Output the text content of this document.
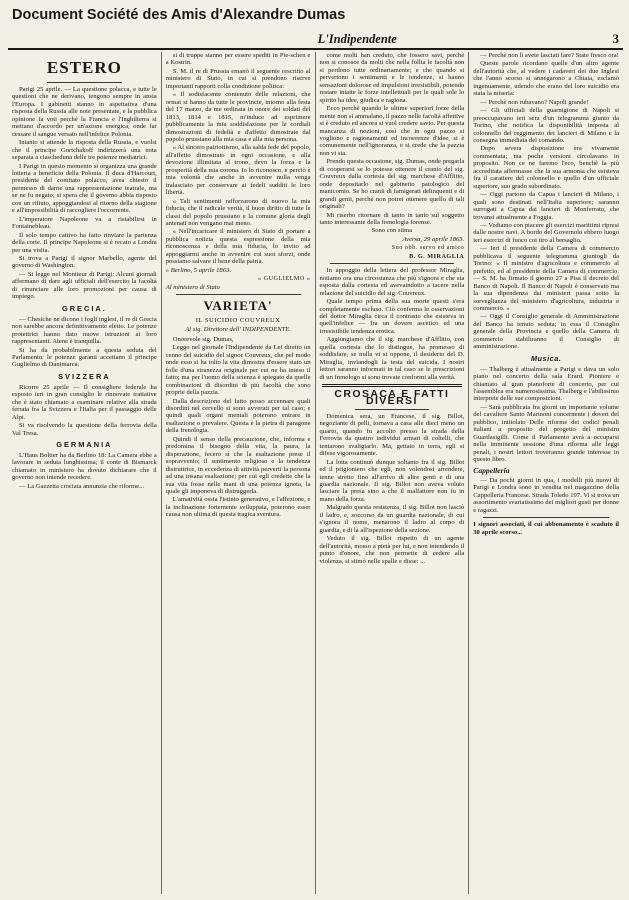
Document Société des Amis d'Alexandre Dumas
L'Indipendente	3
ESTERO

Parigi 25 aprile. — La questione polacca, e tutte le questioni che ne derivano, tengono sempre in ansia l'Europa. I gabinetti stanno in aspettativa d'una risposta della Russia alle note presentate, e la pubblica opinione fa voti perchè la Francia e l'Inghilterra si mettano d'accordo per un'azione energica, onde far cessare il sangue versato nell'infelice Polonia.

Intanto si attende la risposta della Russia, e vuolsi che il principe Gortchakoff indirizzerà una nota separata a ciascheduna delle tre potenze mediatrici.

I Parigi in questo momento si organizza una grande lotteria a beneficio della Polonia. Il duca d'Harcourt, presidente del comitato polacco, avea chiesto il permesso di darne una rappresentazione teatrale, ma se ne fu negato; si spera che il governo abbia risposto con un rifiuto, appoggiandosi al ritorno della stagione e all'impossibilità di raccogliere l'occorrente.

L'imperatore Napoleone va a ristabilirsi in Fontainebleau.

Il solo tempo cattivo ha fatto rinviare la partenza della corte. Il principe Napoleone si è recato a Londra per una visita.

Si trova a Parigi il signor Marbello, agente del governo di Washington.

— Si legge nel Moniteur di Parigi: Alcuni giornali affermano di dare agli ufficiali dell'esercito la facoltà di rinunciare alle loro promozioni per causa di impiego.

GRECIA.

— Chesiche ne dicono i fogli inglesi, il re di Grecia non sarebbe ancora definitivamente eletto. Le potenze protettrici hanno dato nuove istruzioni ai loro rappresentanti. Atene è tranquilla.

Si ha da probabilmente a questa seduta del Parlamento: le potenze garanti accettano il principe Guglielmo di Danimarca.

SVIZZERA

Ricorre 25 aprile — Il consigliere federale ha esposto ieri in gran consiglio le rinnovate trattative che è stato chiamato a esaminare relative alla strada ferrata fra la Svizzera e l'Italia per il passaggio delle Alpi.

Si va risolvendo la questione della ferrovia della Val Tresa.

GERMANIA

L'Haus Boltier ha da Berlino 18: La Camera ebbe a lavorare in seduta lunghissima; il conte di Bismarck chiamato in ministero ha dovuto dichiarare che il governo non intende recedere.

— La Gazzetta crociata annunzia che riforme...

si di truppe stanno per essere spediti in Pie-schen e a Kostrin.

S. M. il re di Prussia emanò il seguente rescritto al ministero di Stato, in cui si prendono riserve importanti rapporti colla condizione politica:

« Il sodisfacente contenuto delle relazioni, che ormai si hanno da tutte le provincie, intorno alla festa del 17 marzo, da me ordinata in onore dei soldati del 1813, 1814 e 1815, m'induce ad esprimere pubblicamente la mia soddisfazione per le cordiali dimostrazioni di fedeltà e d'affetto dimostrate dal popolo prussiano alla mia casa e alla mia persona.

« Al sincero patriottismo, alla salda fede del popolo, all'affetto dimostrato in ogni occasione, e alla devozione illimitata al trono, devo la forza e la prosperità della mia corona. Io lo riconosco, e perciò è mia volontà che anche in avvenire nulla venga tralasciato per conservare ai fedeli sudditi le loro libertà.

« Tali sentimenti rafforzarono di nuovo la mia fiducia, che il radicale verità, il buon diritto di tutte le classi del popolo prussiano e la comune gloria degli antenati non vengano mai meno.

« Nell'incaricare il ministero di Stato di portare a pubblica notizia questa espressione della mia riconoscenza e della mia fiducia, lo invito ad appoggiarmi anche in avvenire coi suoi sforzi, onde possiamo salvare il bene della patria.

« Berlino, 5 aprile 1863.

« GUGLIELMO »

Al ministero di Stato

VARIETA'
IL SUICIDIO COUVREUX
Al sig. Direttore dell' INDIPENDENTE.

Onorevole sig. Dumas,

Leggo nel giornale l'Indipendente da Lei diretto un cenno del suicidio del signor Couvreux, che pel modo onde esso si ha tolto la vita dimostra d'essere stato un folle d'una stranezza originale per cui ne ha inteso il fatto; ma per l'uomo della scienza è spiegato da quelle combinazioni di disordini di più facoltà che sono proprie della pazzia.

Dalla descrizione del fatto posso accennare quali disordini nel cervello si sono avverati per tal caso; e quindi quali organi mentali poterono entrare in esaltazione o prevalere. Questa è la pietra di paragone della frenologia.

Quindi il senso della precauzione, che, informa e predomina il bisogno della vita, la paura, la disperazione, fecero sì che la esaltazione prese il sopravvento; il sentimento religioso e la tendenza distruttrice, in eccedenza di attività perverti la persona ad una insana esaltazione; per cui egli credette che la sua vita fosse nelle mani di una potenza ignota, la quale gli imponeva di distruggerla.

L'amatività ossia l'istinto generativo, e l'affezione, e la inclinazione fortemente sviluppata, poterono esser causa non ultima di questa tragica sventura.

come molti han creduto, che fossero savi, perchè non si conosce da molti che nella follia le facoltà non si perdono tutte ordinariamente; e che quando si pervertono i sentimenti e le tendenze, si hanno sensazioni dolorose ed impulsioni irresistibili, potendo restare intatte le forze intellettuali per le quali sole lo spirito ha idee, giudica e ragiona.

Ecco perchè quando le ultime superiori forze della mente non si ammalano, il pazzo nelle facoltà affettive si è creduto ed ancora si vuol credere savio. Per questa mancanza di nozioni, così che in ogni pazzo si vogliono e ragionamenti ed incoerenze d'idee, si è comunemente nell'ignoranza, e si crede che la pazzia non vi sia.

Prendo questa occasione, sig. Dumas, onde pregarla di cooperarsi se lo potesse ottenere il cranio del sig. Couvreux dalla cortesia del sig. marchese d'Afflitto, onde depositarlo nel gabinetto patologico del manicomio. Se ho cranii di famigerati delinquenti e di grandi genii, perchè non potrei ottenere quello di tali originali?

Mi riserbo ritornare di tanto in tanto sul soggetto tanto interessante della frenologia forense.

Sono con stima

Aversa, 29 aprile 1863.

Suo obb. servo ed amico

B. G. MIRAGLIA

In appoggio della lettera del professor Miraglia, notiamo ora una circostanza che più s'ignora e che sta esposta dalla cortesia ed avevaindotto a tacere nella relazione del suicidio del sig. Couvreux.

Quale tempo prima della sua morte questi s'era completamente escluso. Ciò conferma le osservazioni del dottor Miraglia circa il contrasto che esisteva in quell'infelice — fra un dovere ascetico ed una irresistibile tendenza erotica.

Aggiungiamo che il sig. marchese d'Afflitto, con quella cortesia che lo distingue, ha promesso di soddisfare, se nulla vi si oppone, il desiderio del D. Miraglia, inviandogli la testa del suicida. I nostri lettori saranno informati in tal caso se le prescrizioni di un frenologo si sono trovate conformi alla verità.

CROSACA E FATTI DIVERSI

Domenica sera, un Francese, il sig. Billot, negoziante di pelli, tornava a casa alle dieci meno un quarto, quando fu accolto presso la strada della Ferrovia da quattro individui armati di coltelli, che tentarono svaligiarlo. Ma, gettato in terra, egli si difese vigorosamente.

La lotta continuò dunque soltanto fra il sig. Billot ed il prigioniero che egli, non volendosi arrendere, tenne stretto fino all'arrivo di altre genti e di una guardia nazionale. Il sig. Billot non aveva voluto lasciare la presa sino a che il malfattore non fu in mano della forza.

Malgrado questa resistenza, il sig. Billot non lasciò il ladro, e, soccorso da un guardia nazionale, di cui s'ignora il nome, menarono il ladro al corpo di guardia, e di là all'ispezione della sezione.

Veduto il sig. Billot rispetto di un agente dell'autorità, mosso a pietà per lui, e non intendendo il punto d'onore, che non permette di cedere alla violenza, si stimò nelle spalle e disse: ...

— Perchè non lì avete lasciati fare? State fresco ora!

Queste parole ricordano quelle d'un altro agente dell'autorità che, al vedere i cadaveri dei due Inglesi che l'anno scorso si annegarono a Chiaia, esclamò ingenuamente, udendo che erano del loro suicidio era stata la miseria:

— Perchè non rubavano? Napoli grande!

— Gli ufficiali della guarnigione di Napoli si preoccupavano ieri sera d'un telegramma giunto da Torino, che notifica la disponibilità imposta al colonnello del reggimento dei lancieri di Milano e la consegna immediata del comando.

Dopo severa disposizione era vivamente commentata; ma poche versioni circolavano in proposito. Non ce ne faremo l'eco, benchè la più accreditata affermasse che la sua armonia che esisteva fra il carattere del colonnello e quello d'un ufficiale superiore, suo grado subordinato.

— Oggi partono da Capua i lancieri di Milano, i quali sono destinati nell'Italia superiore; saranno surrogati a Capua dai lancieri di Monferrato, che trovansi attualmente a Foggia.

— Vediamo con piacere gli esercizi marittimi ripresi dalle nostre navi. A bordo del Governolo ebbero luogo ieri esercizi di fuoco coi tiro al bersaglio.

— Ieri il presidente della Camera di commercio pubblicava il seguente telegramma giuntogli da Torino: « Il ministro d'agricoltura e commercio al prefetto, ed al presidente della Camera di commercio. — S. M. ha firmato il giorno 27 a Pisa il decreto del Banco di Napoli. Il Banco di Napoli è conservato ma la sua dipendenza dai ministeri passa sotto la sorveglianza del ministero d'agricoltura, industria e commercio. »

— Oggi il Consiglio generale di Amministrazione del Banco ha tenuto seduta; in essa il Consiglio generale della Provincia e quello della Camera di commercio stabiliranno il Consiglio di amministrazione.

Musica.

— Thalberg è attualmente a Parigi e dava un solo piano nel concerto della sala Erard. Pioniere e chiamato al gran pianoforte di concerto, per cui l'assemblea era numerosissima. Thalberg e l'abilissimo interprete delle sue composizioni.

— Sarà pubblicata fra giorni un importante volume del cavaliere Santo Marinoni concernente i doveri del pubblico, intitolato Delle riforme dei codici penali italiani a proposito del progetto del ministro Guardasigilli. Come il Parlamento avrà a occuparsi nella imminente sessione d'una riforma alle leggi penali, i nostri lettori troveranno grande interesse in questo libro.

Cappelleria

— Da pochi giorni in qua, i modelli più nuovi di Parigi e Londra sono in vendita nel magazzino della Cappelleria Francese. Strada Toledo 197. Vi si trova un assortimento svariatissimo dei migliori gusti per donne e ragazzi.

I signori associati, il cui abbonamento è scaduto il 30 aprile scorso...
